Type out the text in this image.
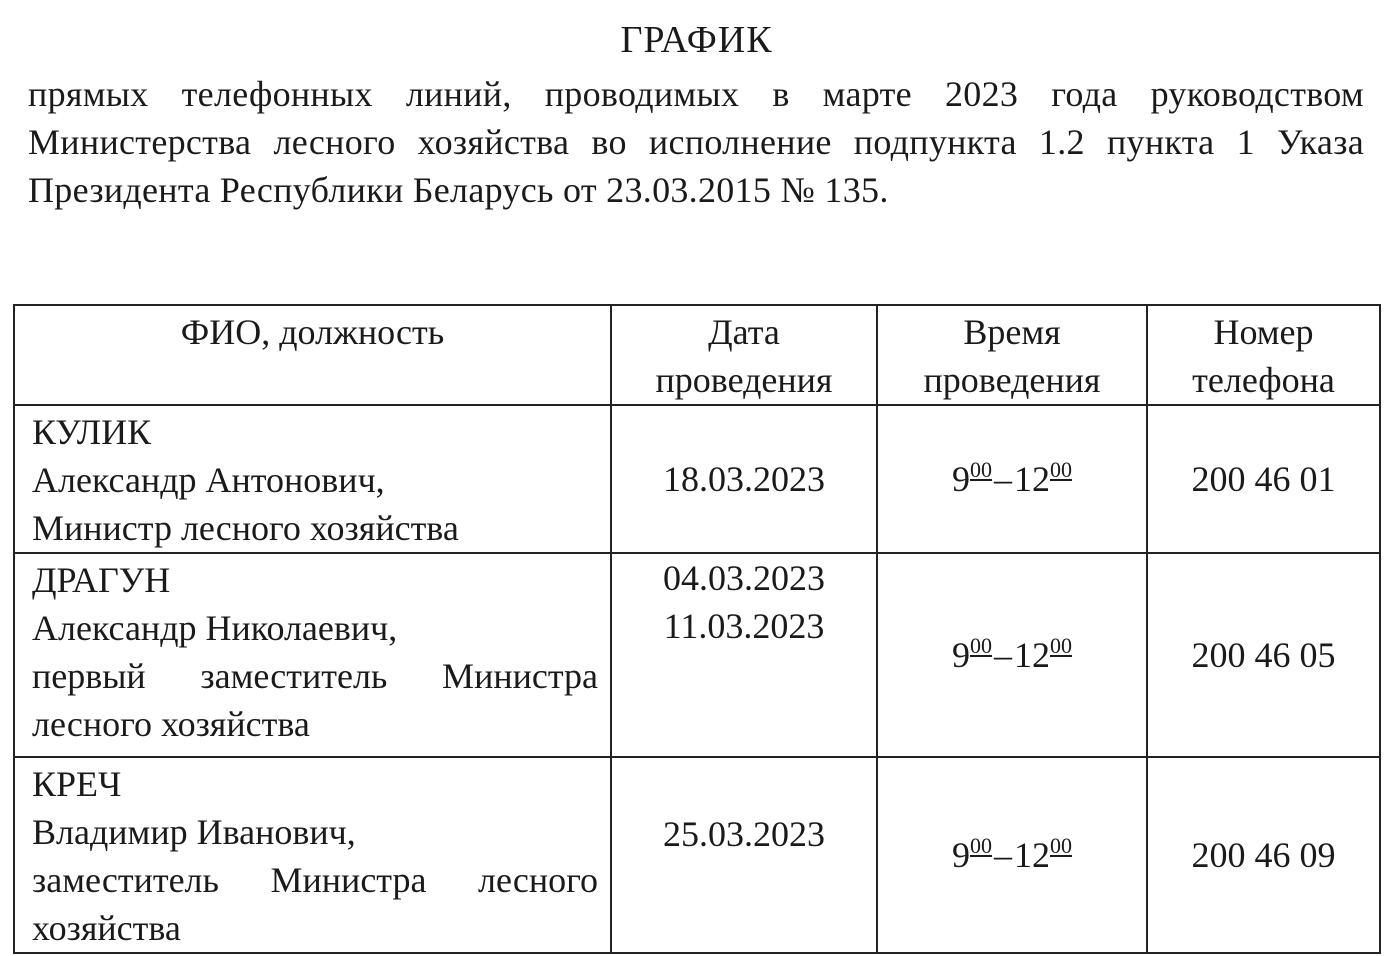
ГРАФИК
прямых телефонных линий, проводимых в марте 2023 года руководством Министерства лесного хозяйства во исполнение подпункта 1.2 пункта 1 Указа Президента Республики Беларусь от 23.03.2015 № 135.
ФИО, должность	Дата проведения	Время проведения	Номер телефона

КУЛИК
Александр Антонович,
Министр лесного хозяйства	18.03.2023	$9^{00}-12^{00}$	200 46 01

ДРАГУН
Александр Николаевич,
первый заместитель Министра лесного хозяйства	04.03.2023
11.03.2023	$9^{00}-12^{00}$	200 46 05

КРЕЧ
Владимир Иванович,
заместитель Министра лесного хозяйства	25.03.2023	$9^{00}-12^{00}$	200 46 09
